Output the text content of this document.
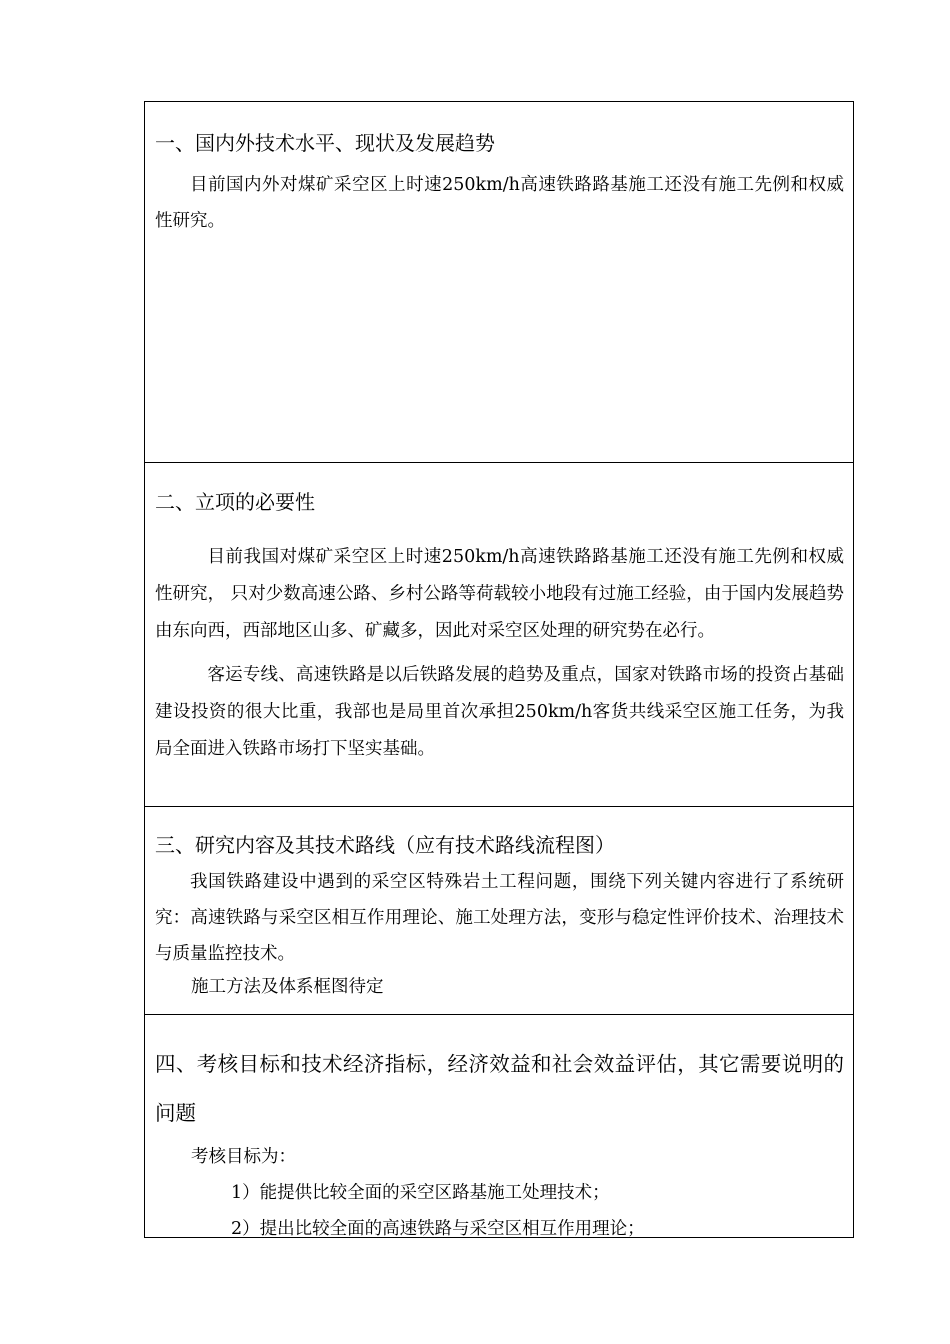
一、国内外技术水平、现状及发展趋势
目前国内外对煤矿采空区上时速250km/h高速铁路路基施工还没有施工先例和权威性研究。
二、立项的必要性
目前我国对煤矿采空区上时速250km/h高速铁路路基施工还没有施工先例和权威性研究， 只对少数高速公路、乡村公路等荷载较小地段有过施工经验，由于国内发展趋势由东向西，西部地区山多、矿藏多，因此对采空区处理的研究势在必行。
客运专线、高速铁路是以后铁路发展的趋势及重点，国家对铁路市场的投资占基础建设投资的很大比重，我部也是局里首次承担250km/h客货共线采空区施工任务，为我局全面进入铁路市场打下坚实基础。
三、研究内容及其技术路线（应有技术路线流程图）
我国铁路建设中遇到的采空区特殊岩土工程问题，围绕下列关键内容进行了系统研究：高速铁路与采空区相互作用理论、施工处理方法，变形与稳定性评价技术、治理技术与质量监控技术。
施工方法及体系框图待定
四、考核目标和技术经济指标，经济效益和社会效益评估，其它需要说明的问题
考核目标为：
1）能提供比较全面的采空区路基施工处理技术；
2）提出比较全面的高速铁路与采空区相互作用理论；
